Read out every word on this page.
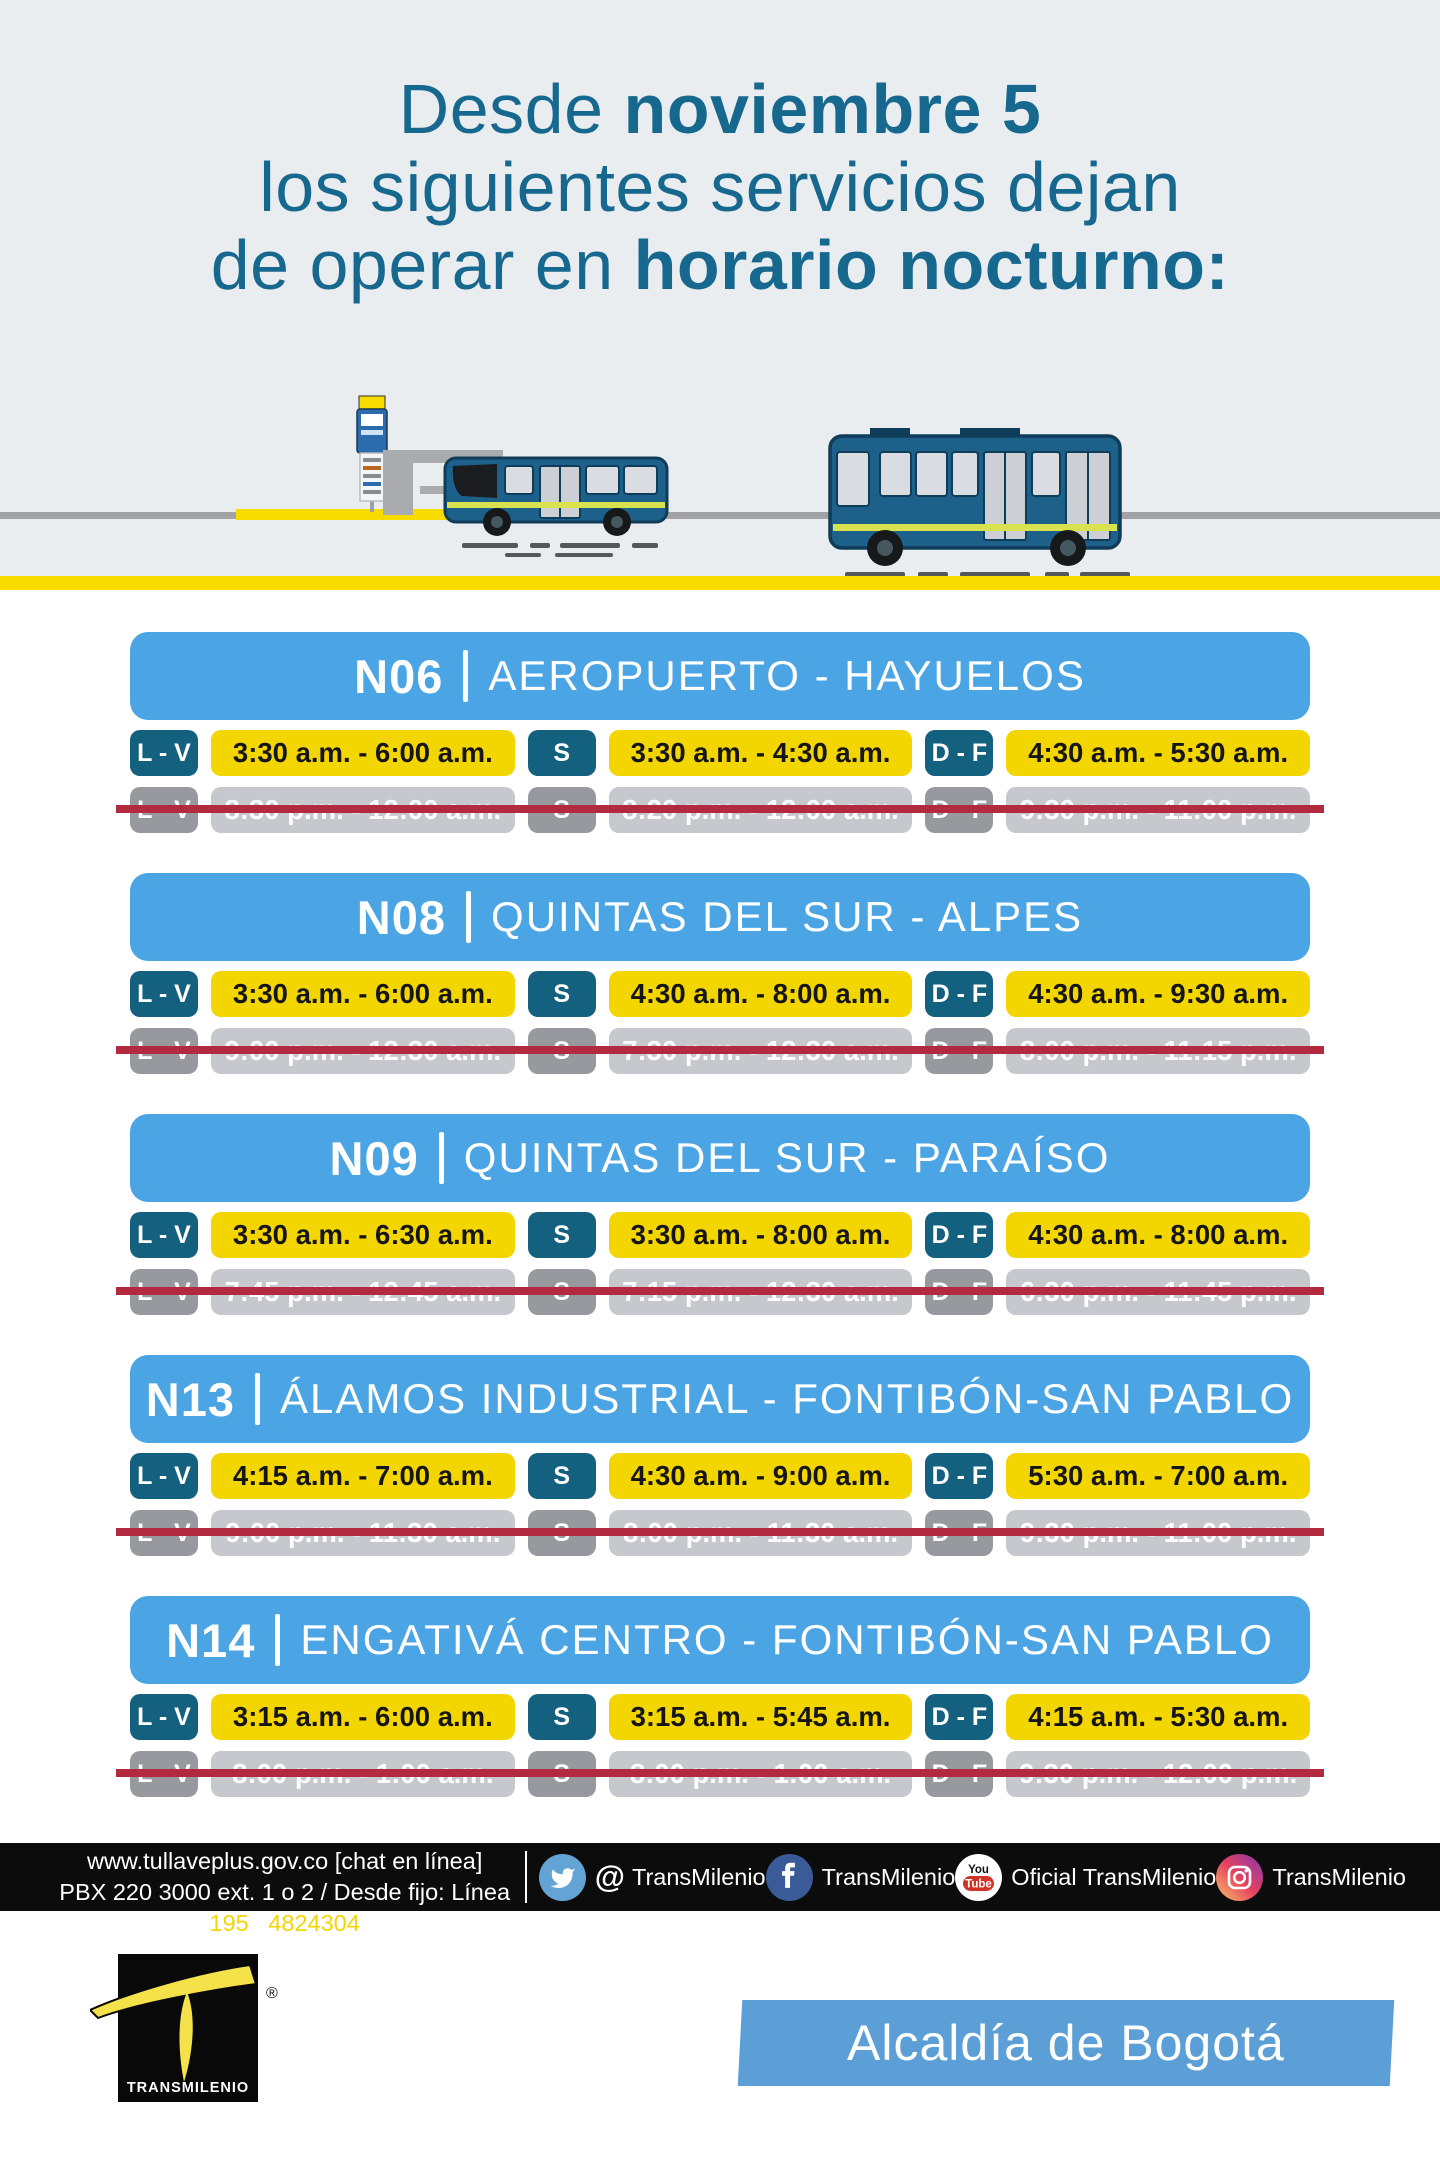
Desde noviembre 5
los siguientes servicios dejan
de operar en horario nocturno:
N06 AEROPUERTO - HAYUELOS
L - V	3:30 a.m. - 6:00 a.m.	S	3:30 a.m. - 4:30 a.m.	D - F	4:30 a.m. - 5:30 a.m.
N08 QUINTAS DEL SUR - ALPES
L - V	3:30 a.m. - 6:00 a.m.	S	4:30 a.m. - 8:00 a.m.	D - F	4:30 a.m. - 9:30 a.m.
N09 QUINTAS DEL SUR - PARAÍSO
L - V	3:30 a.m. - 6:30 a.m.	S	3:30 a.m. - 8:00 a.m.	D - F	4:30 a.m. - 8:00 a.m.
N13 ÁLAMOS INDUSTRIAL - FONTIBÓN-SAN PABLO
L - V	4:15 a.m. - 7:00 a.m.	S	4:30 a.m. - 9:00 a.m.	D - F	5:30 a.m. - 7:00 a.m.
N14 ENGATIVÁ CENTRO - FONTIBÓN-SAN PABLO
L - V	3:15 a.m. - 6:00 a.m.	S	3:15 a.m. - 5:45 a.m.	D - F	4:15 a.m. - 5:30 a.m.
www.transmilenio.gov.co / www.tullaveplus.gov.co [chat en línea]
PBX 220 3000 ext. 1 o 2 / Desde fijo: Línea 195 / 4824304
@ TransMilenio TransMilenio You
Tube Oficial TransMilenio TransMilenio
®
TRANSMILENIO
Alcaldía de Bogotá
